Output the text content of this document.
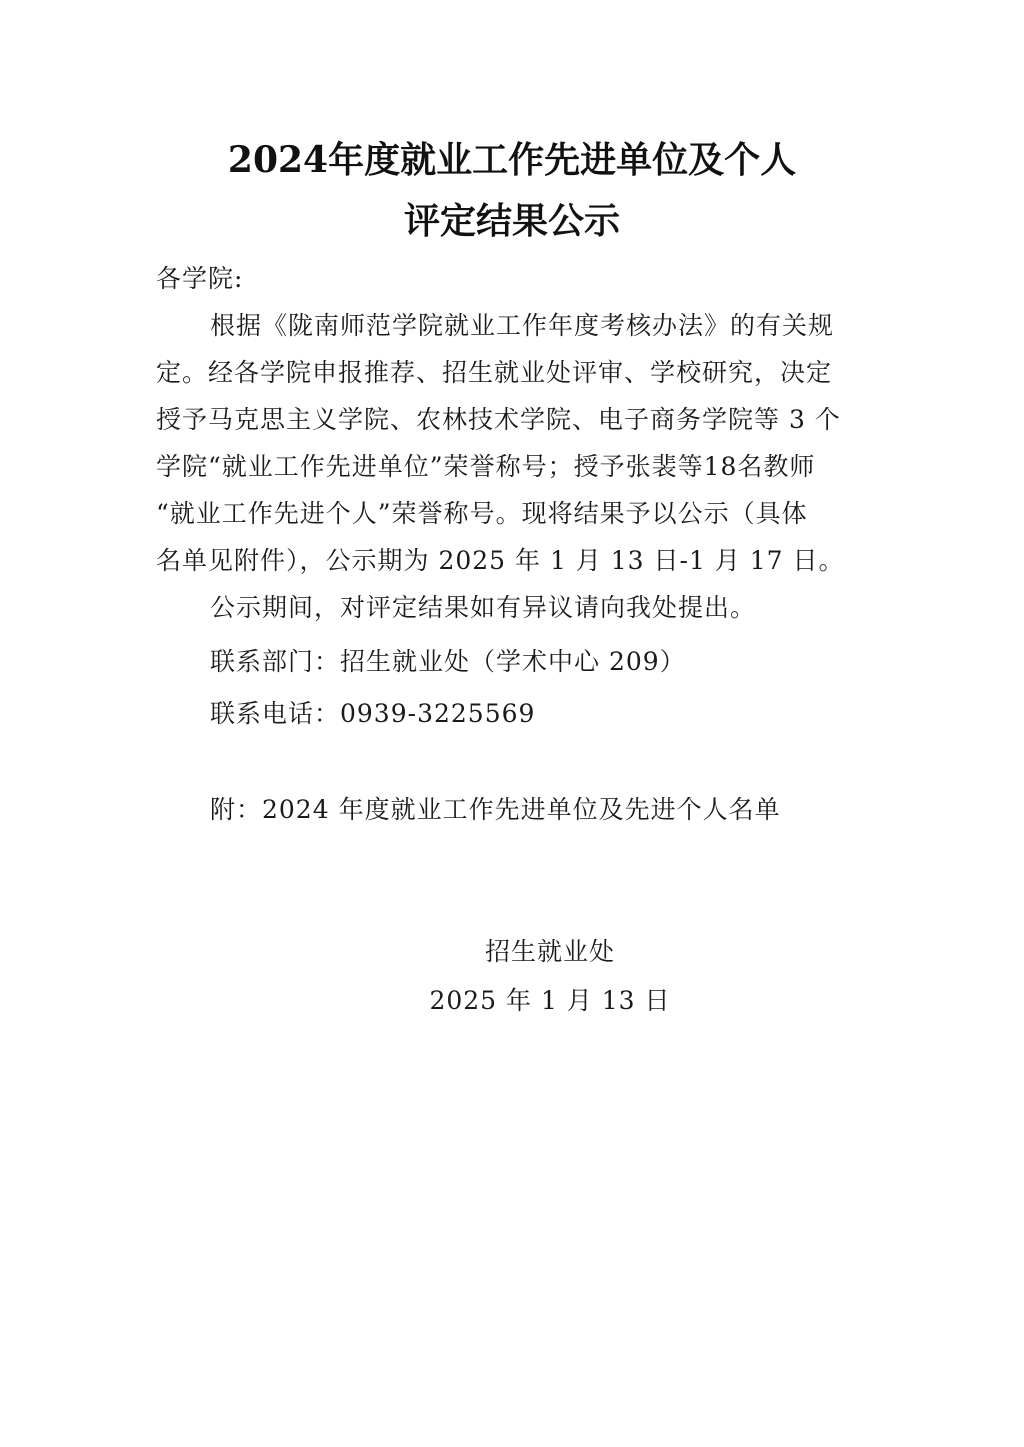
2024年度就业工作先进单位及个人
评定结果公示
各学院:
根据《陇南师范学院就业工作年度考核办法》的有关规
定。经各学院申报推荐、招生就业处评审、学校研究，决定
授予马克思主义学院、农林技术学院、电子商务学院等 3 个
学院“就业工作先进单位”荣誉称号；授予张裴等18名教师
“就业工作先进个人”荣誉称号。现将结果予以公示（具体
名单见附件），公示期为 2025 年 1 月 13 日-1 月 17 日。
公示期间，对评定结果如有异议请向我处提出。
联系部门：招生就业处（学术中心 209）
联系电话：0939-3225569
附：2024 年度就业工作先进单位及先进个人名单
招生就业处
2025 年 1 月 13 日
